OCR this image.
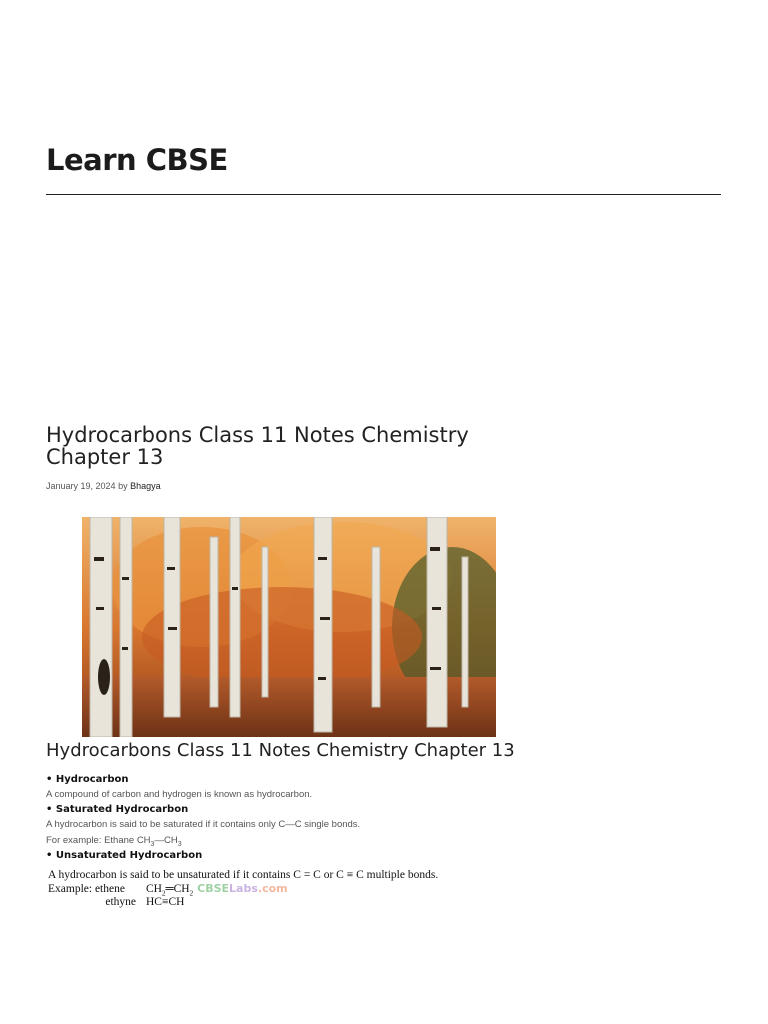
Learn CBSE
Hydrocarbons Class 11 Notes Chemistry Chapter 13
January 19, 2024 by Bhagya
Hydrocarbons Class 11 Notes Chemistry Chapter 13
• Hydrocarbon
A compound of carbon and hydrogen is known as hydrocarbon.
• Saturated Hydrocarbon
A hydrocarbon is said to be saturated if it contains only C—C single bonds.
For example: Ethane $CH_3—CH_3$
• Unsaturated Hydrocarbon
A hydrocarbon is said to be unsaturated if it contains C = C or C ≡ C multiple bonds.
Example: ethene $CH_2═CH_2$ CBSELabs.com
ethyne HC≡CH
